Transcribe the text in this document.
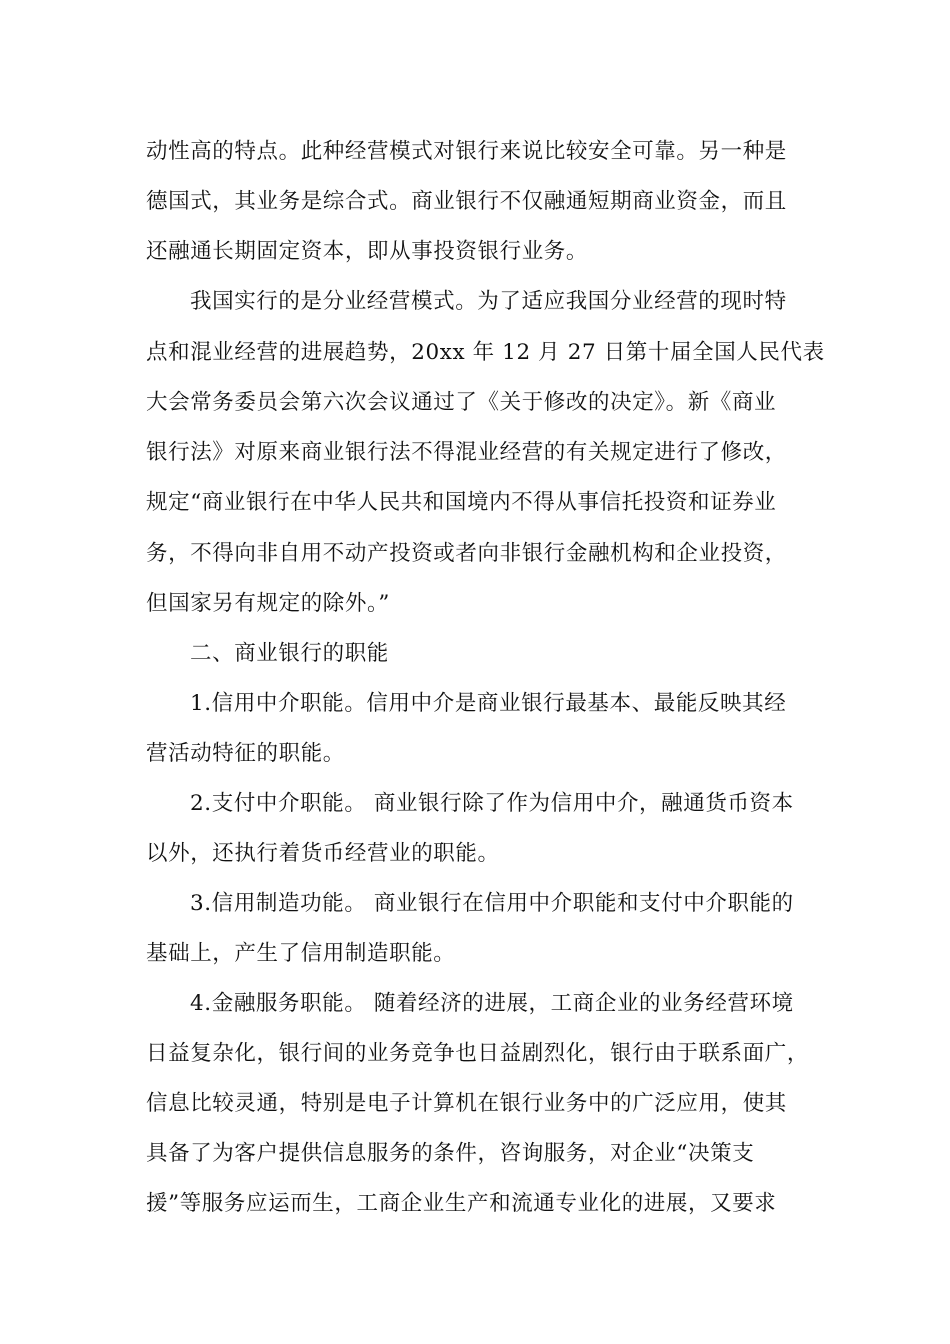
动性高的特点。此种经营模式对银行来说比较安全可靠。另一种是
德国式，其业务是综合式。商业银行不仅融通短期商业资金，而且
还融通长期固定资本，即从事投资银行业务。
我国实行的是分业经营模式。为了适应我国分业经营的现时特
点和混业经营的进展趋势，20xx 年 12 月 27 日第十届全国人民代表
大会常务委员会第六次会议通过了《关于修改的决定》。新《商业
银行法》对原来商业银行法不得混业经营的有关规定进行了修改，
规定“商业银行在中华人民共和国境内不得从事信托投资和证券业
务，不得向非自用不动产投资或者向非银行金融机构和企业投资，
但国家另有规定的除外。”
二、商业银行的职能
1.信用中介职能。信用中介是商业银行最基本、最能反映其经
营活动特征的职能。
2.支付中介职能。 商业银行除了作为信用中介，融通货币资本
以外，还执行着货币经营业的职能。
3.信用制造功能。 商业银行在信用中介职能和支付中介职能的
基础上，产生了信用制造职能。
4.金融服务职能。 随着经济的进展，工商企业的业务经营环境
日益复杂化，银行间的业务竞争也日益剧烈化，银行由于联系面广，
信息比较灵通，特别是电子计算机在银行业务中的广泛应用，使其
具备了为客户提供信息服务的条件，咨询服务，对企业“决策支
援”等服务应运而生，工商企业生产和流通专业化的进展，又要求
